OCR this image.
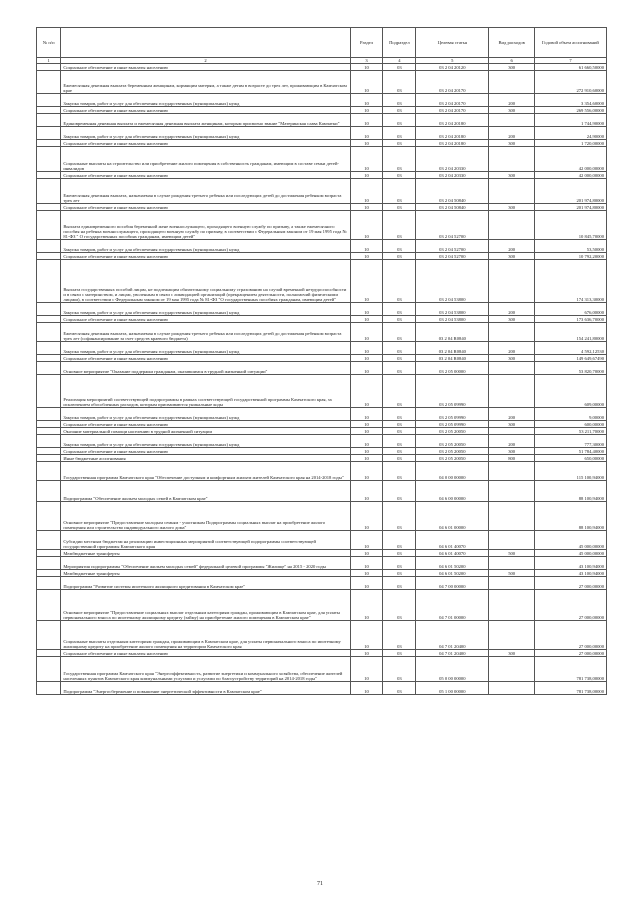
№ п/п		Раздел	Подраздел	Целевая статья	Вид расходов	Годовой объем ассигнований
1	2	3	4	5	6	7
	Социальное обеспечение и иные выплаты населению	10	03	03 2 04 20120	300	61 660,50000
	Ежемесячная денежная выплата беременным женщинам, кормящим матерям, а также детям в возрасте до трех лет, проживающим в Камчатском крае	10	03	03 2 04 20170		272 910,60000
	Закупка товаров, работ и услуг для обеспечения государственных (муниципальных) нужд	10	03	03 2 04 20170	200	3 354,60000
	Социальное обеспечение и иные выплаты населению	10	03	03 2 04 20170	300	269 556,00000
	Единовременная денежная выплата и ежемесячная денежная выплата женщинам, которым присвоено звание "Материнская слава Камчатки"	10	03	03 2 04 20180		1 744,90000
	Закупка товаров, работ и услуг для обеспечения государственных (муниципальных) нужд	10	03	03 2 04 20180	200	24,90000
	Социальное обеспечение и иные выплаты населению	10	03	03 2 04 20180	300	1 720,00000
	Социальные выплаты на строительство или приобретение жилого помещения в собственность гражданам, имеющим в составе семьи детей-инвалидов	10	03	03 2 04 20330		42 000,00000
	Социальное обеспечение и иные выплаты населению	10	03	03 2 04 20330	300	42 000,00000
	Ежемесячная денежная выплата, назначаемая в случае рождения третьего ребенка или последующих детей до достижения ребенком возраста трех лет	10	03	03 2 04 50840		201 974,80000
	Социальное обеспечение и иные выплаты населению	10	03	03 2 04 50840	300	201 974,80000
	Выплата единовременного пособия беременной жене военнослужащего, проходящего военную службу по призыву, а также ежемесячного пособия на ребенка военнослужащего, проходящего военную службу по призыву, в соответствии с Федеральным законом от 19 мая 1995 года № 81-ФЗ " О государственных пособиях гражданам, имеющим детей"	10	03	03 2 04 52700		10 845,70000
	Закупка товаров, работ и услуг для обеспечения государственных (муниципальных) нужд	10	03	03 2 04 52700	200	53,50000
	Социальное обеспечение и иные выплаты населению	10	03	03 2 04 52700	300	10 792,20000
	Выплата государственных пособий лицам, не подлежащим обязательному социальному страхованию на случай временной нетрудоспособности и в связи с материнством, и лицам, уволенным в связи с ликвидацией организаций (прекращением деятельности, полномочий физическими лицами), в соответствии с Федеральным законом от 19 мая 1995 года № 81-ФЗ "О государственных пособиях гражданам, имеющим детей"	10	03	03 2 04 53800		174 313,30000
	Закупка товаров, работ и услуг для обеспечения государственных (муниципальных) нужд	10	03	03 2 04 53800	200	676,00000
	Социальное обеспечение и иные выплаты населению	10	03	03 2 04 53800	300	173 636,70000
	Ежемесячная денежная выплата, назначаемая в случае рождения третьего ребенка или последующих детей до достижения ребенком возраста трех лет (софинансирование за счет средств краевого бюджета)	10	03	03 2 04 R0840		154 241,80000
	Закупка товаров, работ и услуг для обеспечения государственных (муниципальных) нужд	10	03	03 2 04 R0840	200	4 592,12530
	Социальное обеспечение и иные выплаты населению	10	03	03 2 04 R0840	300	149 649,67490
	Основное мероприятие "Оказание поддержки гражданам, оказавшимся в трудной жизненной ситуации"	10	03	03 2 05 00000		53 820,70000
	Реализация мероприятий соответствующей подпрограммы в рамках соответствующей государственной программы Камчатского края, за исключением обособленных расходов, которым присваиваются уникальные коды	10	03	03 2 05 09990		609,00000
	Закупка товаров, работ и услуг для обеспечения государственных (муниципальных) нужд	10	03	03 2 05 09990	200	9,00000
	Социальное обеспечение и иные выплаты населению	10	03	03 2 05 09990	300	600,00000
	Оказание материальной помощи населению в трудной жизненной ситуации	10	03	03 2 05 20050		53 211,70000
	Закупка товаров, работ и услуг для обеспечения государственных (муниципальных) нужд	10	03	03 2 05 20050	200	777,30000
	Социальное обеспечение и иные выплаты населению	10	03	03 2 05 20050	300	51 784,40000
	Иные бюджетные ассигнования	10	03	03 2 05 20050	800	650,00000
	Государственная программа Камчатского края "Обеспечение доступным и комфортным жильем жителей Камчатского края на 2014-2018 годы"	10	03	04 0 00 00000		115 100,94000
	Подпрограмма "Обеспечение жильем молодых семей в Камчатском крае"	10	03	04 6 00 00000		88 100,94000
	Основное мероприятие "Предоставление молодым семьям - участникам Подпрограммы социальных выплат на приобретение жилого помещения или строительство индивидуального жилого дома"	10	03	04 6 01 00000		88 100,94000
	Субсидии местным бюджетам на реализацию инвестиционных мероприятий соответствующей подпрограммы соответствующей государственной программы Камчатского края	10	03	04 6 01 40070		45 000,00000
	Межбюджетные трансферты	10	03	04 6 01 40070	500	45 000,00000
	Мероприятия подпрограммы "Обеспечение жильем молодых семей" федеральной целевой программы "Жилище" на 2015 - 2020 годы	10	03	04 6 01 50200		43 100,94000
	Межбюджетные трансферты	10	03	04 6 01 50200	500	43 100,94000
	Подпрограмма "Развитие системы ипотечного жилищного кредитования в Камчатском крае"	10	03	04 7 00 00000		27 000,00000
	Основное мероприятие "Предоставление социальных выплат отдельным категориям граждан, проживающим в Камчатском крае, для уплаты первоначального взноса по ипотечному жилищному кредиту (займу) на приобретение жилого помещения в Камчатском крае"	10	03	04 7 01 00000		27 000,00000
	Социальные выплаты отдельным категориям граждан, проживающим в Камчатском крае, для уплаты первоначального взноса по ипотечному жилищному кредиту на приобретение жилого помещения на территории Камчатского края	10	03	04 7 01 20400		27 000,00000
	Социальное обеспечение и иные выплаты населению	10	03	04 7 01 20400	300	27 000,00000
	Государственная программа Камчатского края "Энергоэффективность, развитие энергетики и коммунального хозяйства, обеспечение жителей населенных пунктов Камчатского края коммунальными услугами и услугами по благоустройству территорий на 2014-2018 годы"	10	03	05 0 00 00000		781 738,00000
	Подпрограмма "Энергосбережение и повышение энергетической эффективности в Камчатском крае"	10	03	05 1 00 00000		781 738,00000
71
